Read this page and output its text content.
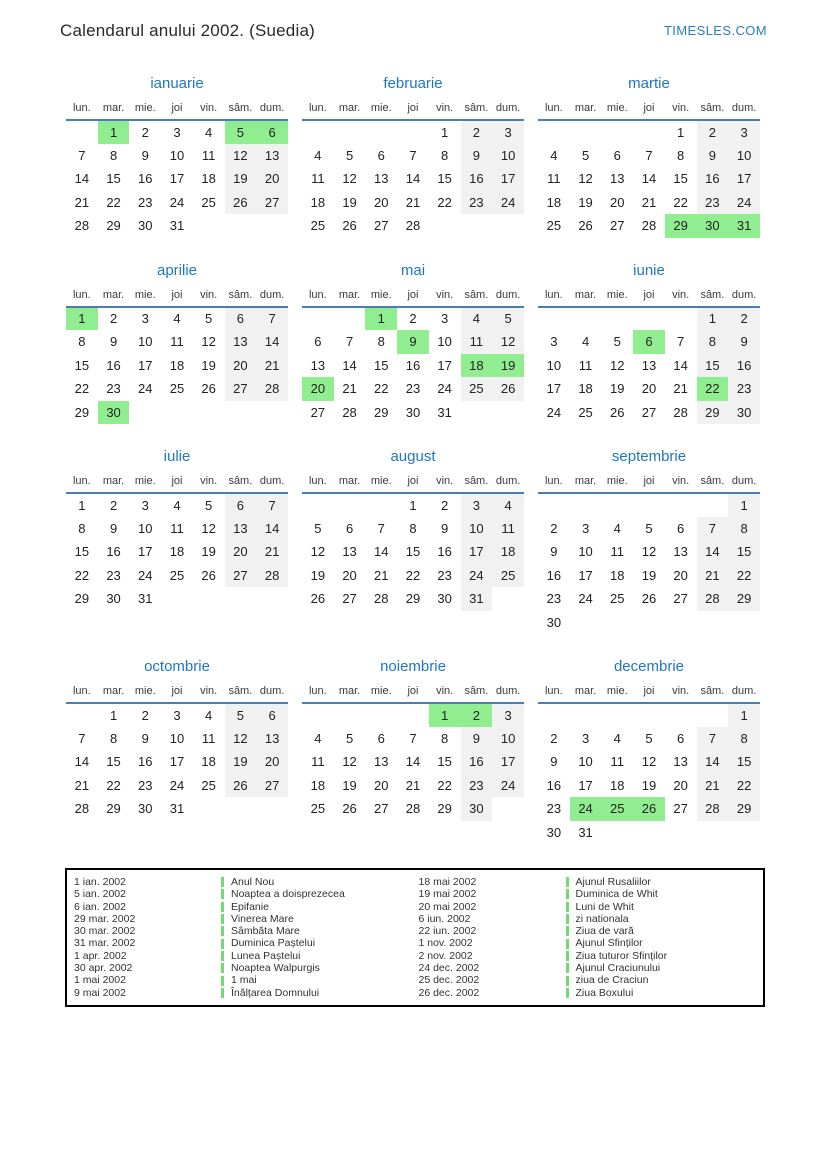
Calendarul anului 2002. (Suedia)	TIMESLES.COM
ianuarie
lun.	mar.	mie.	joi	vin.	sâm.	dum.
	1	2	3	4	5	6
7	8	9	10	11	12	13
14	15	16	17	18	19	20
21	22	23	24	25	26	27
28	29	30	31			
februarie
lun.	mar.	mie.	joi	vin.	sâm.	dum.
				1	2	3
4	5	6	7	8	9	10
11	12	13	14	15	16	17
18	19	20	21	22	23	24
25	26	27	28			
martie
lun.	mar.	mie.	joi	vin.	sâm.	dum.
				1	2	3
4	5	6	7	8	9	10
11	12	13	14	15	16	17
18	19	20	21	22	23	24
25	26	27	28	29	30	31
aprilie
lun.	mar.	mie.	joi	vin.	sâm.	dum.
1	2	3	4	5	6	7
8	9	10	11	12	13	14
15	16	17	18	19	20	21
22	23	24	25	26	27	28
29	30					
mai
lun.	mar.	mie.	joi	vin.	sâm.	dum.
		1	2	3	4	5
6	7	8	9	10	11	12
13	14	15	16	17	18	19
20	21	22	23	24	25	26
27	28	29	30	31		
iunie
lun.	mar.	mie.	joi	vin.	sâm.	dum.
					1	2
3	4	5	6	7	8	9
10	11	12	13	14	15	16
17	18	19	20	21	22	23
24	25	26	27	28	29	30
iulie
lun.	mar.	mie.	joi	vin.	sâm.	dum.
1	2	3	4	5	6	7
8	9	10	11	12	13	14
15	16	17	18	19	20	21
22	23	24	25	26	27	28
29	30	31				
august
lun.	mar.	mie.	joi	vin.	sâm.	dum.
			1	2	3	4
5	6	7	8	9	10	11
12	13	14	15	16	17	18
19	20	21	22	23	24	25
26	27	28	29	30	31	
septembrie
lun.	mar.	mie.	joi	vin.	sâm.	dum.
						1
2	3	4	5	6	7	8
9	10	11	12	13	14	15
16	17	18	19	20	21	22
23	24	25	26	27	28	29
30						
octombrie
lun.	mar.	mie.	joi	vin.	sâm.	dum.
	1	2	3	4	5	6
7	8	9	10	11	12	13
14	15	16	17	18	19	20
21	22	23	24	25	26	27
28	29	30	31			
noiembrie
lun.	mar.	mie.	joi	vin.	sâm.	dum.
				1	2	3
4	5	6	7	8	9	10
11	12	13	14	15	16	17
18	19	20	21	22	23	24
25	26	27	28	29	30	
decembrie
lun.	mar.	mie.	joi	vin.	sâm.	dum.
						1
2	3	4	5	6	7	8
9	10	11	12	13	14	15
16	17	18	19	20	21	22
23	24	25	26	27	28	29
30	31					
1 ian. 2002	Anul Nou
5 ian. 2002	Noaptea a doisprezecea
6 ian. 2002	Epifanie
29 mar. 2002	Vinerea Mare
30 mar. 2002	Sâmbăta Mare
31 mar. 2002	Duminica Paștelui
1 apr. 2002	Lunea Paștelui
30 apr. 2002	Noaptea Walpurgis
1 mai 2002	1 mai
9 mai 2002	Înălțarea Domnului
18 mai 2002	Ajunul Rusaliilor
19 mai 2002	Duminica de Whit
20 mai 2002	Luni de Whit
6 iun. 2002	zi nationala
22 iun. 2002	Ziua de vară
1 nov. 2002	Ajunul Sfinților
2 nov. 2002	Ziua tuturor Sfinților
24 dec. 2002	Ajunul Craciunului
25 dec. 2002	ziua de Craciun
26 dec. 2002	Ziua Boxului
